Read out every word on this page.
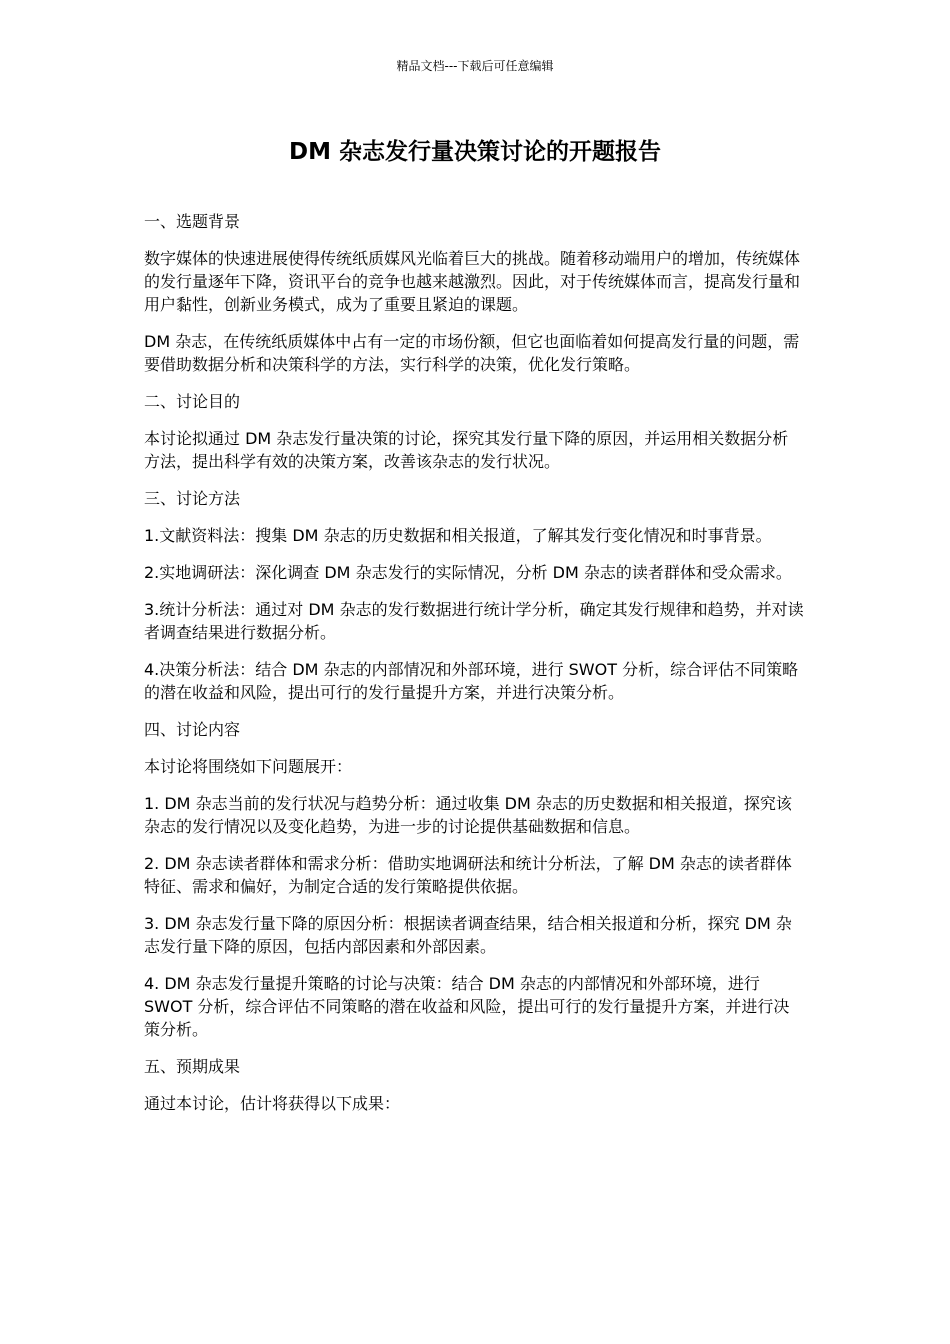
精品文档---下载后可任意编辑
DM 杂志发行量决策讨论的开题报告

一、选题背景

数字媒体的快速进展使得传统纸质媒风光临着巨大的挑战。随着移动端用户的增加，传统媒体的发行量逐年下降，资讯平台的竞争也越来越激烈。因此，对于传统媒体而言，提高发行量和用户黏性，创新业务模式，成为了重要且紧迫的课题。

DM 杂志，在传统纸质媒体中占有一定的市场份额，但它也面临着如何提高发行量的问题，需要借助数据分析和决策科学的方法，实行科学的决策，优化发行策略。

二、讨论目的

本讨论拟通过 DM 杂志发行量决策的讨论，探究其发行量下降的原因，并运用相关数据分析方法，提出科学有效的决策方案，改善该杂志的发行状况。

三、讨论方法

1.文献资料法：搜集 DM 杂志的历史数据和相关报道，了解其发行变化情况和时事背景。

2.实地调研法：深化调查 DM 杂志发行的实际情况，分析 DM 杂志的读者群体和受众需求。

3.统计分析法：通过对 DM 杂志的发行数据进行统计学分析，确定其发行规律和趋势，并对读者调查结果进行数据分析。

4.决策分析法：结合 DM 杂志的内部情况和外部环境，进行 SWOT 分析，综合评估不同策略的潜在收益和风险，提出可行的发行量提升方案，并进行决策分析。

四、讨论内容

本讨论将围绕如下问题展开：

1. DM 杂志当前的发行状况与趋势分析：通过收集 DM 杂志的历史数据和相关报道，探究该杂志的发行情况以及变化趋势，为进一步的讨论提供基础数据和信息。

2. DM 杂志读者群体和需求分析：借助实地调研法和统计分析法，了解 DM 杂志的读者群体特征、需求和偏好，为制定合适的发行策略提供依据。

3. DM 杂志发行量下降的原因分析：根据读者调查结果，结合相关报道和分析，探究 DM 杂志发行量下降的原因，包括内部因素和外部因素。

4. DM 杂志发行量提升策略的讨论与决策：结合 DM 杂志的内部情况和外部环境，进行 SWOT 分析，综合评估不同策略的潜在收益和风险，提出可行的发行量提升方案，并进行决策分析。

五、预期成果

通过本讨论，估计将获得以下成果：
